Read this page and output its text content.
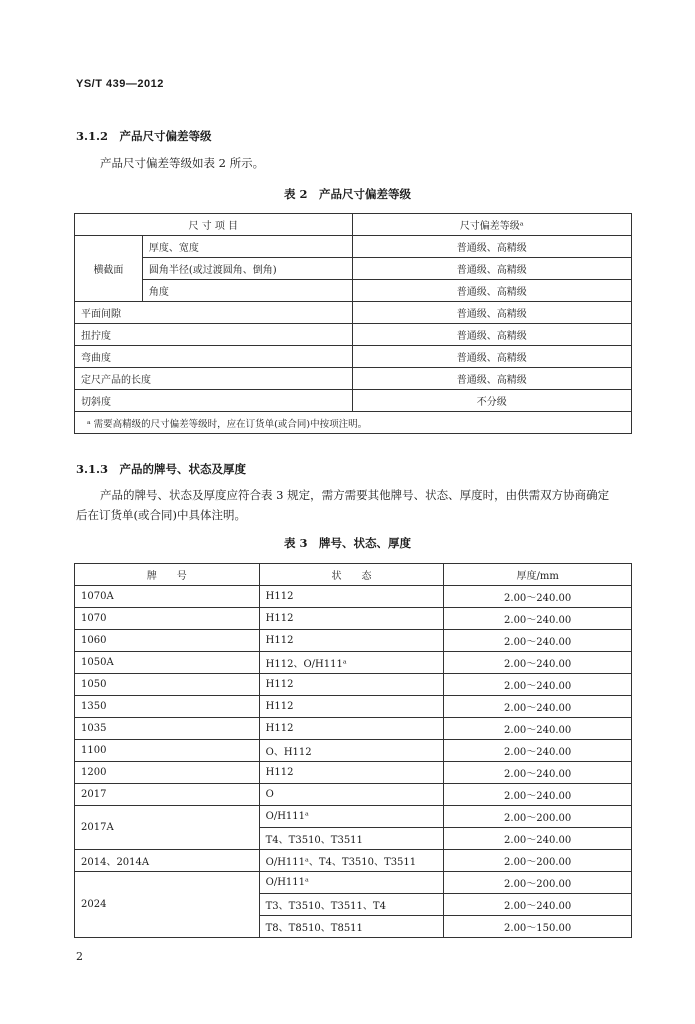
YS/T 439—2012
3.1.2　产品尺寸偏差等级
产品尺寸偏差等级如表 2 所示。
表 2　产品尺寸偏差等级
尺 寸 项 目		尺寸偏差等级ᵃ
横截面	厚度、宽度	普通级、高精级
	圆角半径(或过渡圆角、倒角)	普通级、高精级
	角度	普通级、高精级
平面间隙		普通级、高精级
扭拧度		普通级、高精级
弯曲度		普通级、高精级
定尺产品的长度		普通级、高精级
切斜度		不分级
ᵃ 需要高精级的尺寸偏差等级时，应在订货单(或合同)中按项注明。		
3.1.3　产品的牌号、状态及厚度
产品的牌号、状态及厚度应符合表 3 规定，需方需要其他牌号、状态、厚度时，由供需双方协商确定
后在订货单(或合同)中具体注明。
表 3　牌号、状态、厚度
牌　　号	状　　态	厚度/mm
1070A	H112	2.00～240.00
1070	H112	2.00～240.00
1060	H112	2.00～240.00
1050A	H112、O/H111ᵃ	2.00～240.00
1050	H112	2.00～240.00
1350	H112	2.00～240.00
1035	H112	2.00～240.00
1100	O、H112	2.00～240.00
1200	H112	2.00～240.00
2017	O	2.00～240.00
2017A	O/H111ᵃ	2.00～200.00
	T4、T3510、T3511	2.00～240.00
2014、2014A	O/H111ᵃ、T4、T3510、T3511	2.00～200.00
2024	O/H111ᵃ	2.00～200.00
	T3、T3510、T3511、T4	2.00～240.00
	T8、T8510、T8511	2.00～150.00
2
